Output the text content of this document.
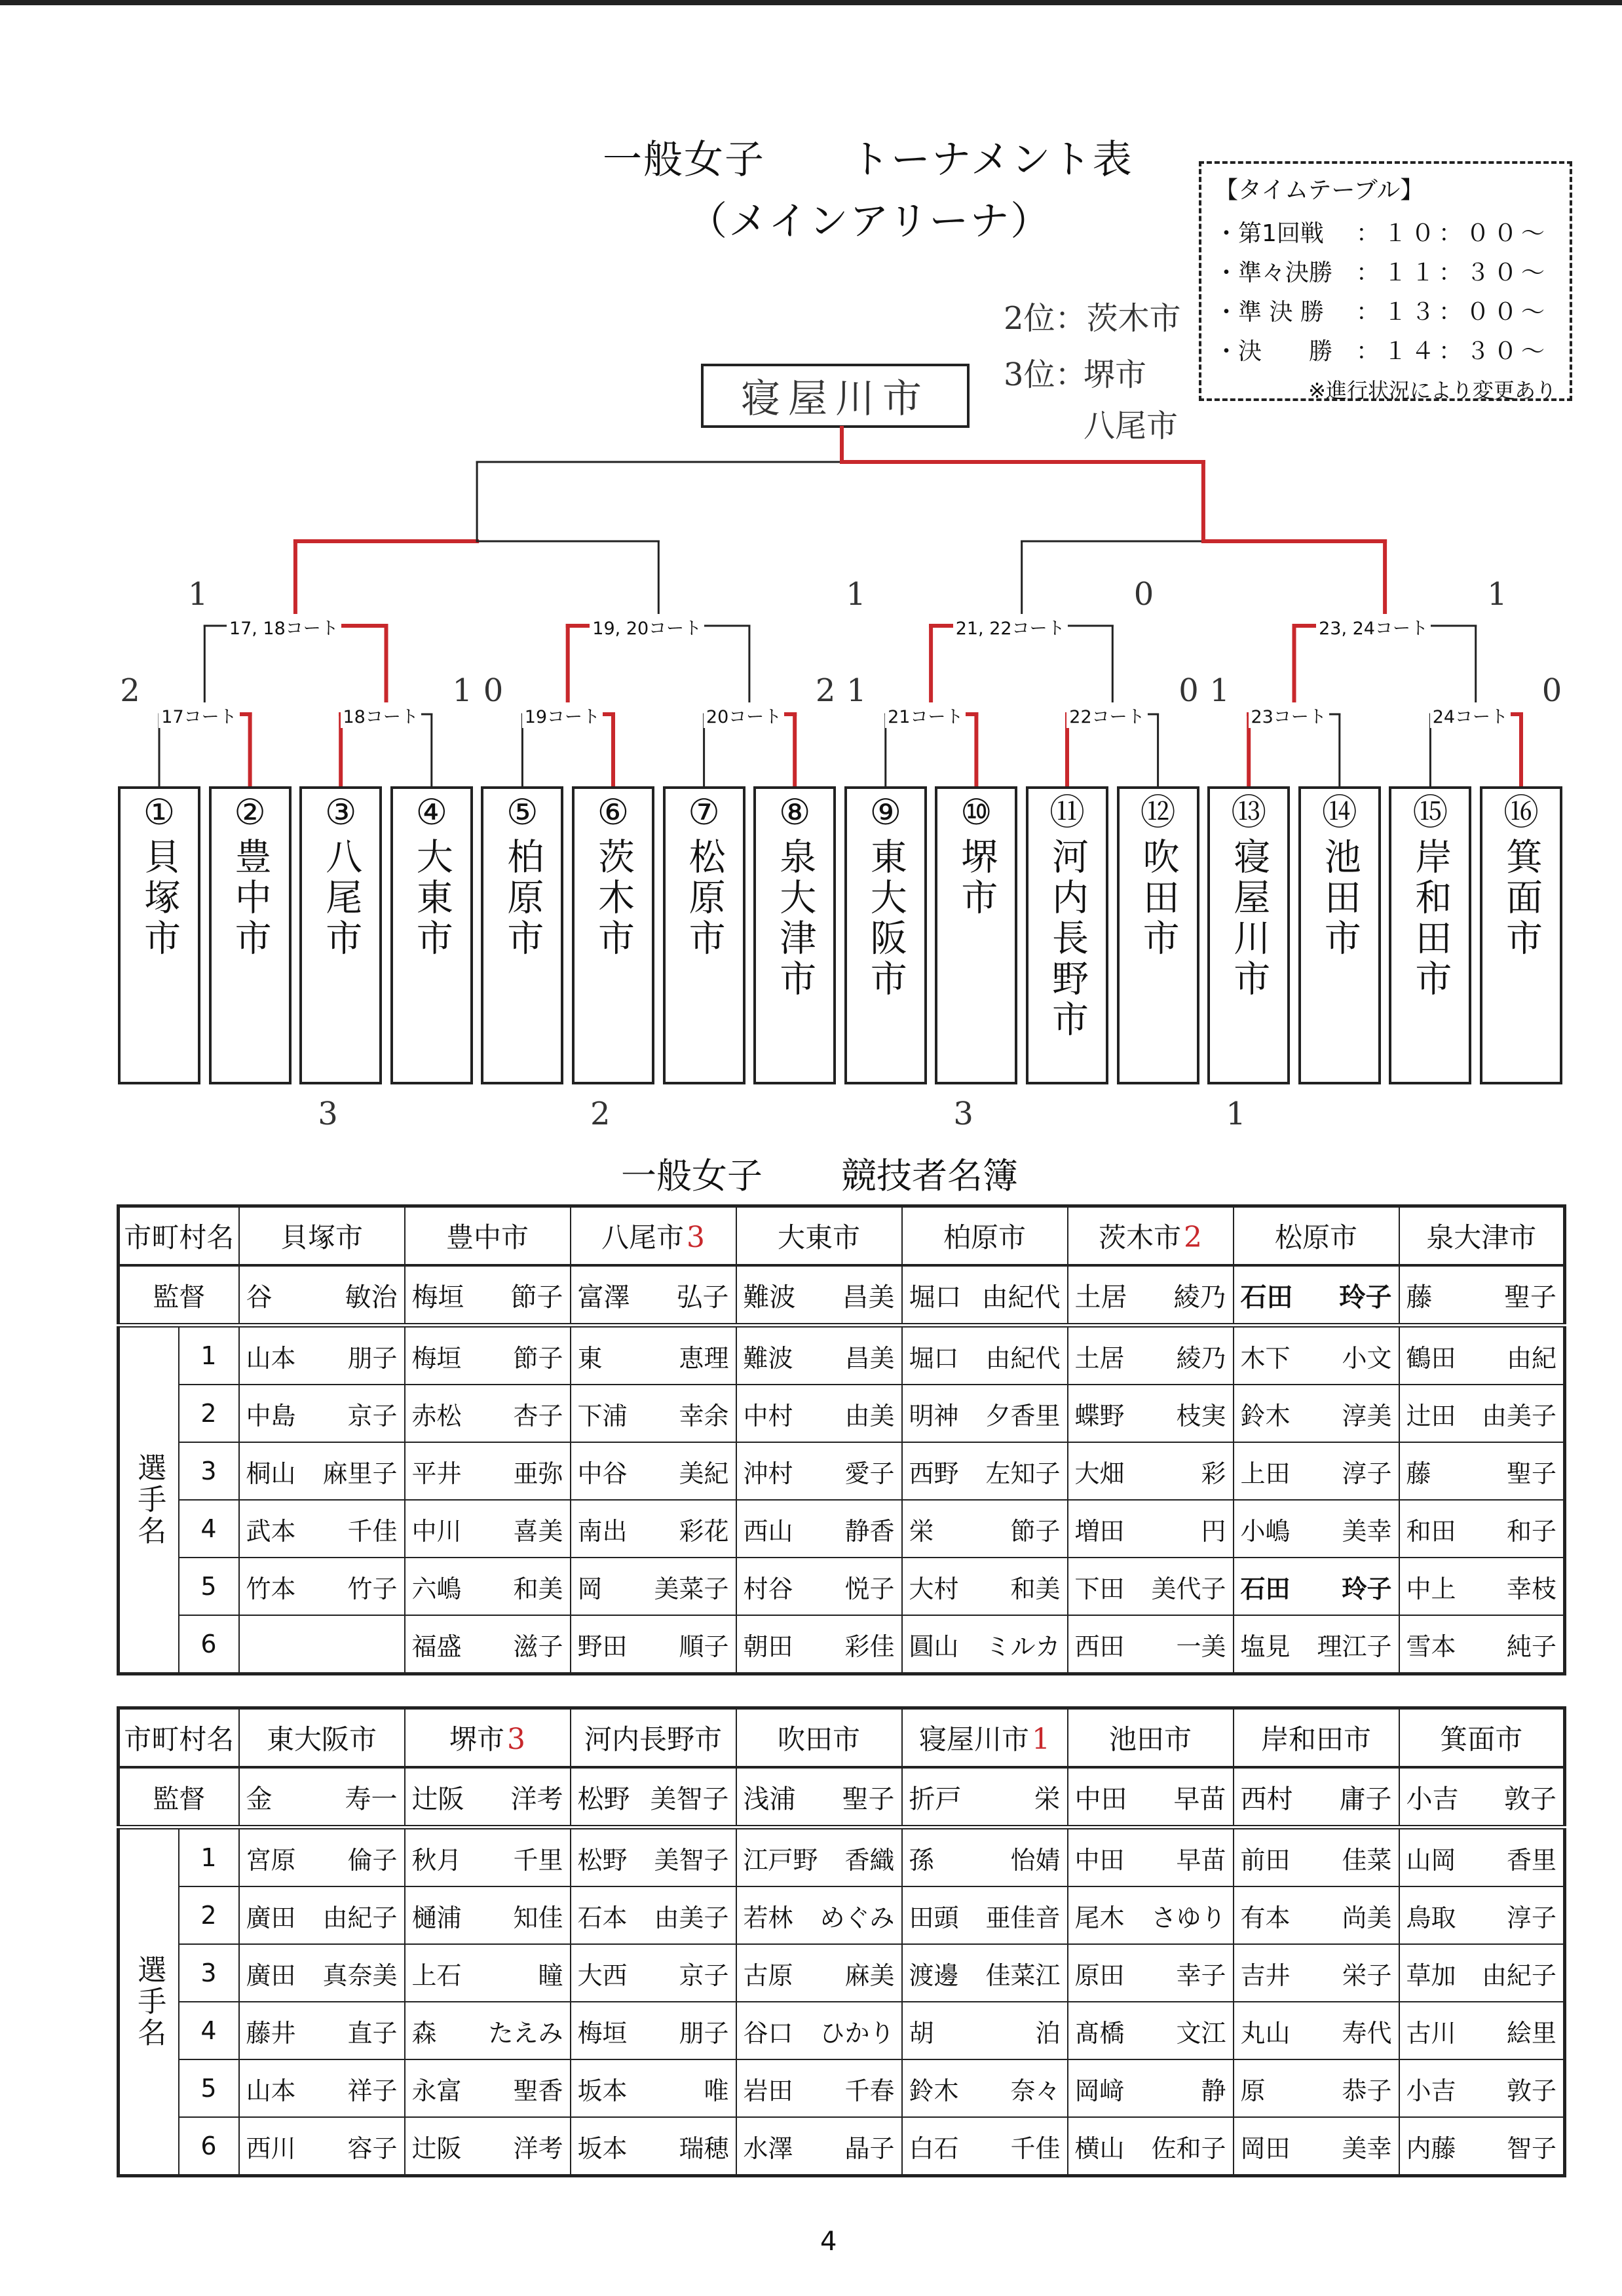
一般女子 トーナメント表
（メインアリーナ）
【タイムテーブル】
・ 第1回戦	：１０：００〜
・ 準々決勝 ：１１：３０〜
・ 準 決 勝	：１３：００〜
・ 決　　勝 ：１４：３０〜
※進行状況により変更あり
寝屋川市
2位：茨木市
3位：
堺市
八尾市
17コート	18コート	19コート	20コート	21コート	22コート	23コート	24コート
17, 18コート	19, 20コート	21, 22コート	23, 24コート
2	1 0	2 1	0 1	0
1	1	0	1
3	2	3	1
①
貝塚市
②
豊中市
③
八尾市
④
大東市
⑤
柏原市
⑥
茨木市
⑦
松原市
⑧
泉大津市
⑨
東大阪市
⑩
堺市
⑪
河内長野市
⑫
吹田市
⑬
寝屋川市
⑭
池田市
⑮
岸和田市
⑯
箕面市
一般女子 競技者名簿
市町村名		貝塚市	豊中市	八尾市3	大東市	柏原市	茨木市2	松原市	泉大津市
監督		谷 敏治	梅垣 節子	富澤 弘子	難波 昌美	堀口 由紀代	土居 綾乃	石田 玲子	藤 聖子

選手名	1	山本 朋子	梅垣 節子	東 恵理	難波 昌美	堀口 由紀代	土居 綾乃	木下 小文	鶴田 由紀

	2	中島 京子	赤松 杏子	下浦 幸余	中村 由美	明神 夕香里	蝶野 枝実	鈴木 淳美	辻田 由美子

	3	桐山 麻里子	平井 亜弥	中谷 美紀	沖村 愛子	西野 左知子	大畑 彩	上田 淳子	藤 聖子

	4	武本 千佳	中川 喜美	南出 彩花	西山 静香	栄 節子	増田 円	小嶋 美幸	和田 和子

	5	竹本 竹子	六嶋 和美	岡 美菜子	村谷 悦子	大村 和美	下田 美代子	石田 玲子	中上 幸枝

	6		福盛 滋子	野田 順子	朝田 彩佳	圓山 ミルカ	西田 一美	塩見 理江子	雪本 純子
市町村名		東大阪市	堺市3	河内長野市	吹田市	寝屋川市1	池田市	岸和田市	箕面市
監督		金 寿一	辻阪 洋考	松野 美智子	浅浦 聖子	折戸 栄	中田 早苗	西村 庸子	小吉 敦子

選手名	1	宮原 倫子	秋月 千里	松野 美智子	江戸野 香織	孫 怡婧	中田 早苗	前田 佳菜	山岡 香里

	2	廣田 由紀子	樋浦 知佳	石本 由美子	若林 めぐみ	田頭 亜佳音	尾木 さゆり	有本 尚美	鳥取 淳子

	3	廣田 真奈美	上石 瞳	大西 京子	古原 麻美	渡邊 佳菜江	原田 幸子	吉井 栄子	草加 由紀子

	4	藤井 直子	森 たえみ	梅垣 朋子	谷口 ひかり	胡 泊	髙橋 文江	丸山 寿代	古川 絵里

	5	山本 祥子	永富 聖香	坂本 唯	岩田 千春	鈴木 奈々	岡﨑 静	原 恭子	小吉 敦子

	6	西川 容子	辻阪 洋考	坂本 瑞穂	水澤 晶子	白石 千佳	横山 佐和子	岡田 美幸	内藤 智子
4
